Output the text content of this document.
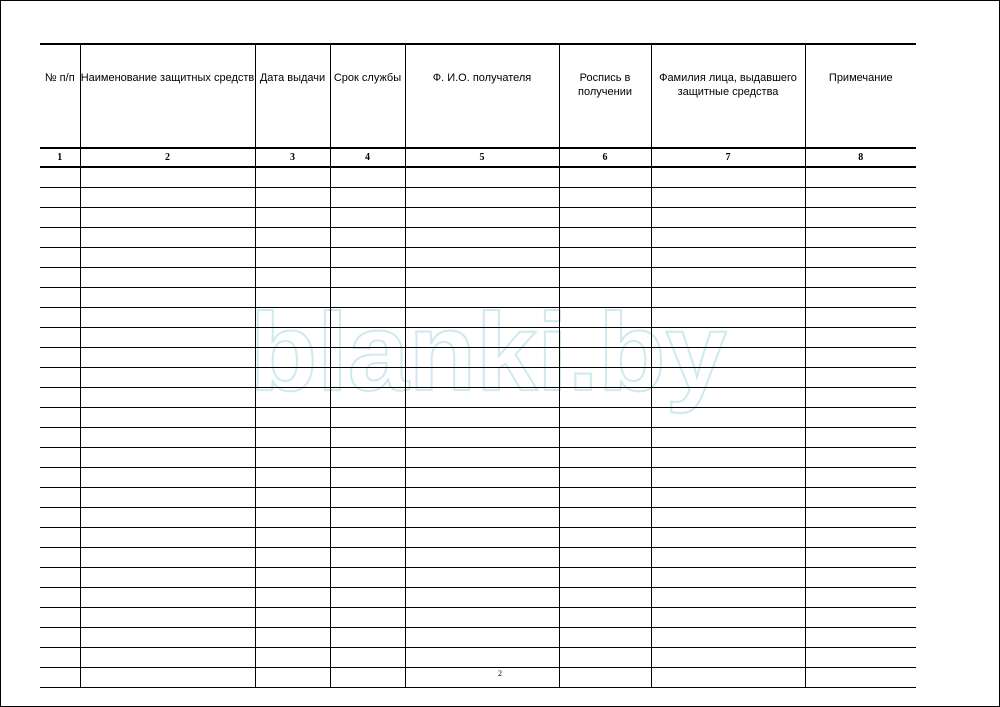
blanki.by
№ п/п	Наименование защитных средств	Дата выдачи	Срок службы	Ф. И.О. получателя	Роспись в получении	Фамилия лица, выдавшего защитные средства	Примечание
1	2	3	4	5	6	7	8

2
